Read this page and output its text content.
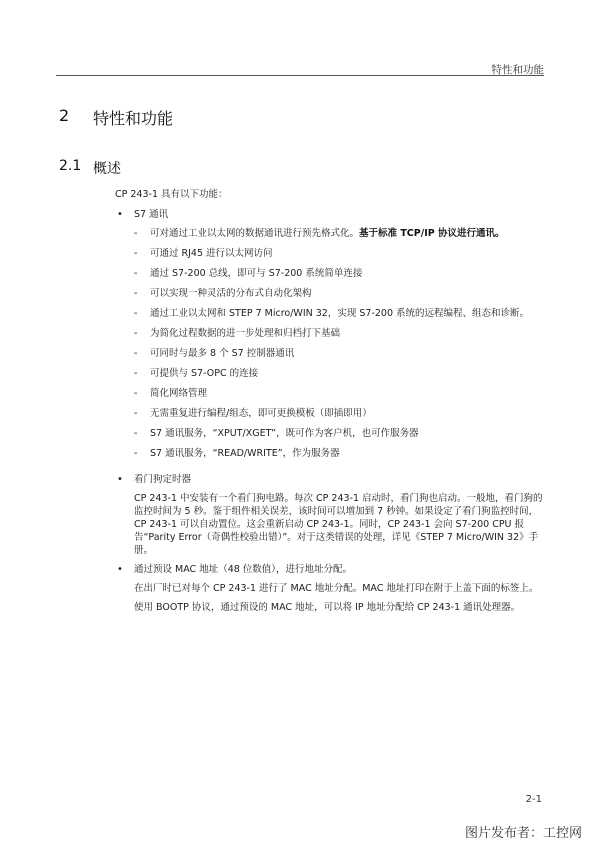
特性和功能
2 特性和功能
2.1 概述
CP 243-1 具有以下功能：
• S7 通讯
- 可对通过工业以太网的数据通讯进行预先格式化。基于标准 TCP/IP 协议进行通讯。
- 可通过 RJ45 进行以太网访问
- 通过 S7-200 总线，即可与 S7-200 系统简单连接
- 可以实现一种灵活的分布式自动化架构
- 通过工业以太网和 STEP 7 Micro/WIN 32，实现 S7-200 系统的远程编程、组态和诊断。
- 为简化过程数据的进一步处理和归档打下基础
- 可同时与最多 8 个 S7 控制器通讯
- 可提供与 S7-OPC 的连接
- 简化网络管理
- 无需重复进行编程/组态，即可更换模板（即插即用）
- S7 通讯服务，“XPUT/XGET”，既可作为客户机，也可作服务器
- S7 通讯服务，“READ/WRITE”，作为服务器
• 看门狗定时器
CP 243-1 中安装有一个看门狗电路。每次 CP 243-1 启动时，看门狗也启动。一般地，看门狗的监控时间为 5 秒。鉴于组件相关误差，该时间可以增加到 7 秒钟。如果设定了看门狗监控时间，CP 243-1 可以自动置位。这会重新启动 CP 243-1。同时，CP 243-1 会向 S7-200 CPU 报告“Parity Error（奇偶性校验出错）”。对于这类错误的处理，详见《STEP 7 Micro/WIN 32》手册。
• 通过预设 MAC 地址（48 位数值），进行地址分配。
在出厂时已对每个 CP 243-1 进行了 MAC 地址分配。MAC 地址打印在附于上盖下面的标签上。
使用 BOOTP 协议，通过预设的 MAC 地址，可以将 IP 地址分配给 CP 243-1 通讯处理器。
2-1
图片发布者：工控网
